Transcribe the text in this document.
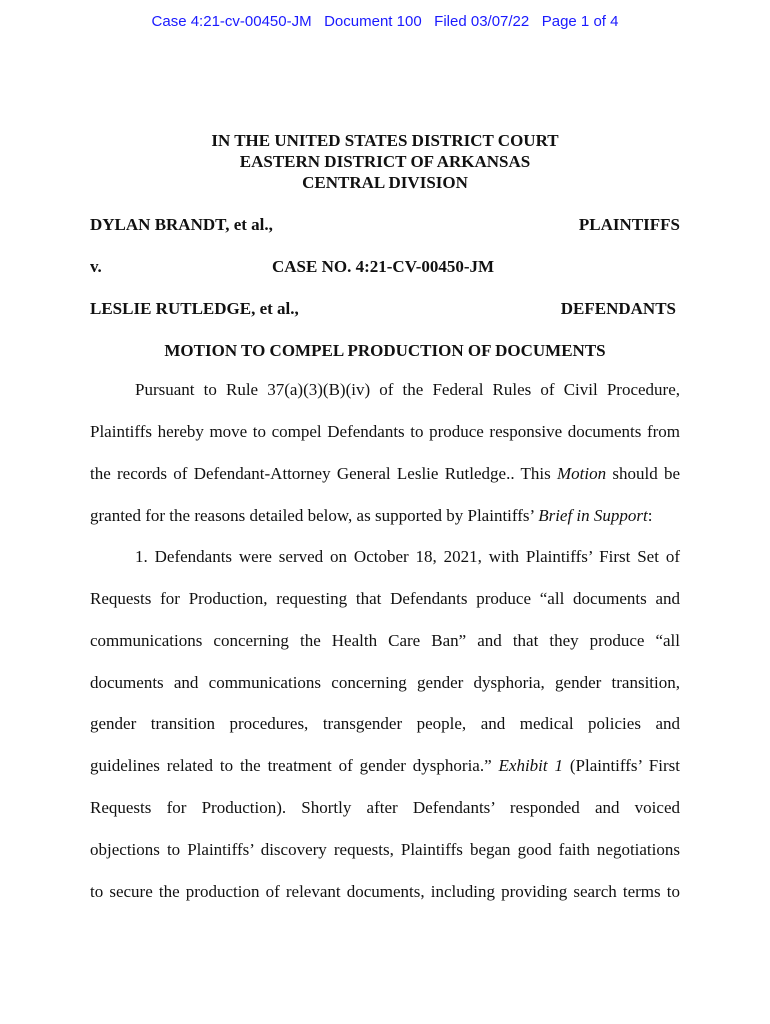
Case 4:21-cv-00450-JM   Document 100   Filed 03/07/22   Page 1 of 4
IN THE UNITED STATES DISTRICT COURT
EASTERN DISTRICT OF ARKANSAS
CENTRAL DIVISION
DYLAN BRANDT, et al.,	PLAINTIFFS
v.	CASE NO. 4:21-CV-00450-JM
LESLIE RUTLEDGE, et al.,	DEFENDANTS
MOTION TO COMPEL PRODUCTION OF DOCUMENTS
Pursuant to Rule 37(a)(3)(B)(iv) of the Federal Rules of Civil Procedure,
Plaintiffs hereby move to compel Defendants to produce responsive documents from
the records of Defendant-Attorney General Leslie Rutledge.. This Motion should be
granted for the reasons detailed below, as supported by Plaintiffs’ Brief in Support:
1. Defendants were served on October 18, 2021, with Plaintiffs’ First Set of
Requests for Production, requesting that Defendants produce “all documents and
communications concerning the Health Care Ban” and that they produce “all
documents and communications concerning gender dysphoria, gender transition,
gender transition procedures, transgender people, and medical policies and
guidelines related to the treatment of gender dysphoria.” Exhibit 1 (Plaintiffs’ First
Requests for Production). Shortly after Defendants’ responded and voiced
objections to Plaintiffs’ discovery requests, Plaintiffs began good faith negotiations
to secure the production of relevant documents, including providing search terms to
